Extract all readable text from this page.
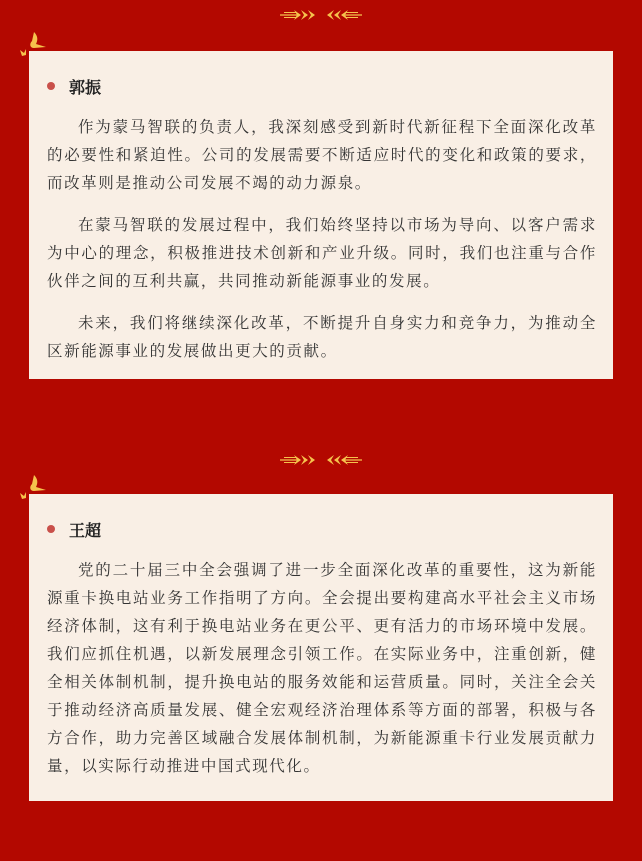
郭振

作为蒙马智联的负责人，我深刻感受到新时代新征程下全面深化改革的必要性和紧迫性。公司的发展需要不断适应时代的变化和政策的要求，而改革则是推动公司发展不竭的动力源泉。

在蒙马智联的发展过程中，我们始终坚持以市场为导向、以客户需求为中心的理念，积极推进技术创新和产业升级。同时，我们也注重与合作伙伴之间的互利共赢，共同推动新能源事业的发展。

未来，我们将继续深化改革，不断提升自身实力和竞争力，为推动全区新能源事业的发展做出更大的贡献。

王超

党的二十届三中全会强调了进一步全面深化改革的重要性，这为新能源重卡换电站业务工作指明了方向。全会提出要构建高水平社会主义市场经济体制，这有利于换电站业务在更公平、更有活力的市场环境中发展。我们应抓住机遇，以新发展理念引领工作。在实际业务中，注重创新，健全相关体制机制，提升换电站的服务效能和运营质量。同时，关注全会关于推动经济高质量发展、健全宏观经济治理体系等方面的部署，积极与各方合作，助力完善区域融合发展体制机制，为新能源重卡行业发展贡献力量，以实际行动推进中国式现代化。
